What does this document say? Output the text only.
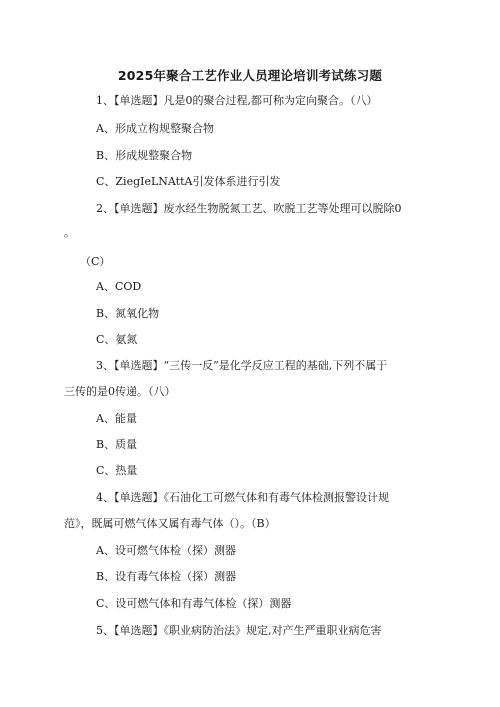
2025年聚合工艺作业人员理论培训考试练习题
1、【单选题】凡是0的聚合过程,都可称为定向聚合。（八）
A、形成立构规整聚合物
B、形成规整聚合物
C、ZiegIeLNAttA引发体系进行引发
2、【单选题】废水经生物脱氮工艺、吹脱工艺等处理可以脱除0
。
（C）
A、COD
B、氮氧化物
C、氨氮
3、【单选题】“三传一反”是化学反应工程的基础,下列不属于
三传的是0传递。（八）
A、能量
B、质量
C、热量
4、【单选题】《石油化工可燃气体和有毒气体检测报警设计规
范》，既属可燃气体又属有毒气体（）。（B）
A、设可燃气体检（探）测器
B、设有毒气体检（探）测器
C、设可燃气体和有毒气体检（探）测器
5、【单选题】《职业病防治法》规定,对产生严重职业病危害
